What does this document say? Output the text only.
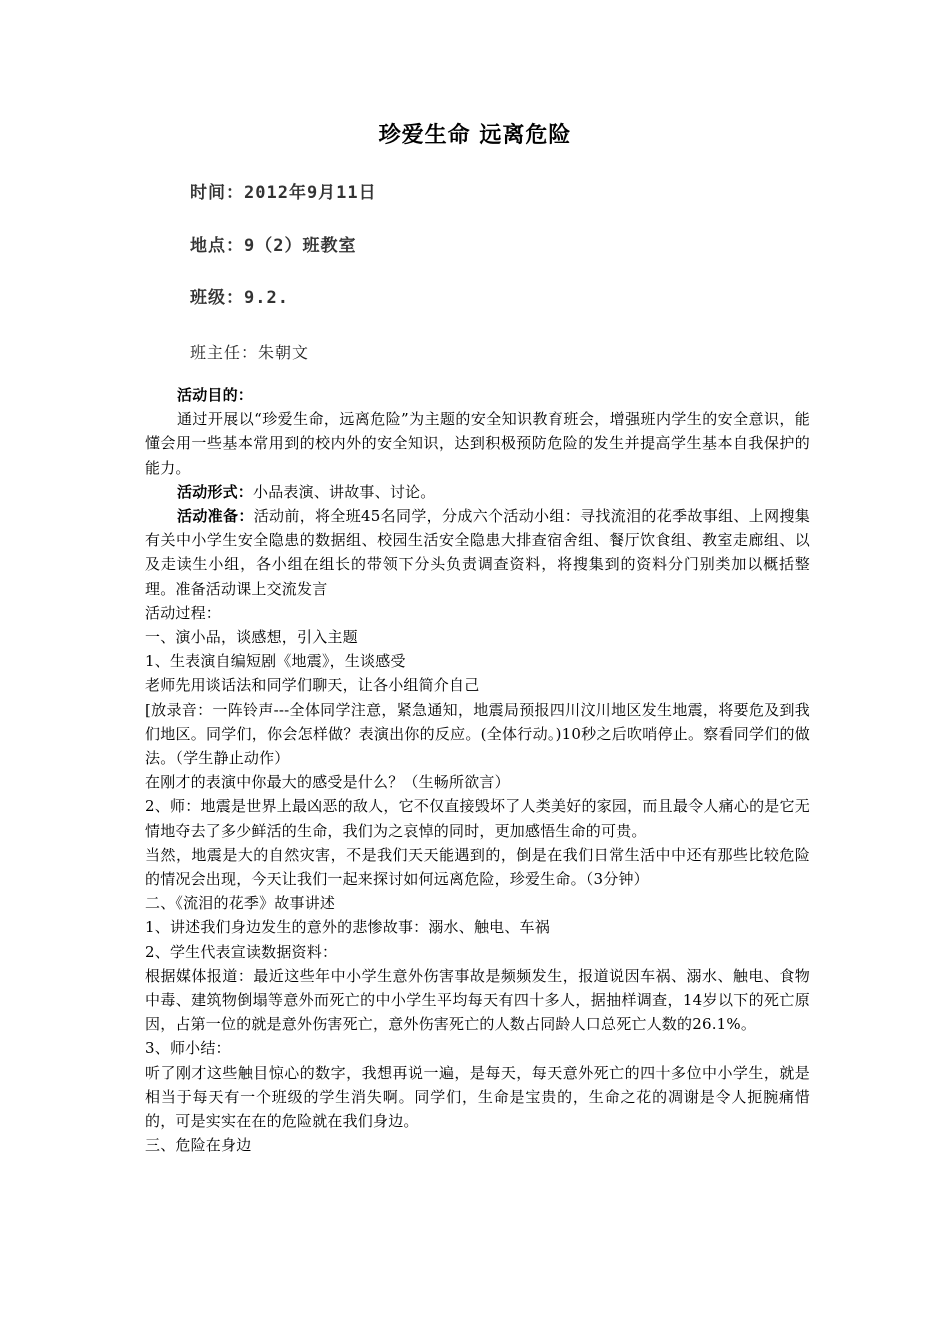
珍爱生命 远离危险
时间：2012年9月11日
地点：9（2）班教室
班级：9.2.
班主任：朱朝文

活动目的：

通过开展以“珍爱生命，远离危险”为主题的安全知识教育班会，增强班内学生的安全意识，能懂会用一些基本常用到的校内外的安全知识，达到积极预防危险的发生并提高学生基本自我保护的能力。

活动形式：小品表演、讲故事、讨论。

活动准备：活动前，将全班45名同学，分成六个活动小组：寻找流泪的花季故事组、上网搜集有关中小学生安全隐患的数据组、校园生活安全隐患大排查宿舍组、餐厅饮食组、教室走廊组、以及走读生小组，各小组在组长的带领下分头负责调查资料，将搜集到的资料分门别类加以概括整理。准备活动课上交流发言

活动过程：

一、演小品，谈感想，引入主题

1、生表演自编短剧《地震》，生谈感受

老师先用谈话法和同学们聊天，让各小组简介自己

[放录音：一阵铃声---全体同学注意，紧急通知，地震局预报四川汶川地区发生地震，将要危及到我们地区。同学们，你会怎样做？表演出你的反应。(全体行动。)10秒之后吹哨停止。察看同学们的做法。（学生静止动作）

在刚才的表演中你最大的感受是什么？（生畅所欲言）

2、师：地震是世界上最凶恶的敌人，它不仅直接毁坏了人类美好的家园，而且最令人痛心的是它无情地夺去了多少鲜活的生命，我们为之哀悼的同时，更加感悟生命的可贵。

当然，地震是大的自然灾害，不是我们天天能遇到的，倒是在我们日常生活中中还有那些比较危险的情况会出现，今天让我们一起来探讨如何远离危险，珍爱生命。（3分钟）

二、《流泪的花季》故事讲述

1、讲述我们身边发生的意外的悲惨故事：溺水、触电、车祸

2、学生代表宣读数据资料：

根据媒体报道：最近这些年中小学生意外伤害事故是频频发生，报道说因车祸、溺水、触电、食物中毒、建筑物倒塌等意外而死亡的中小学生平均每天有四十多人，据抽样调查，14岁以下的死亡原因，占第一位的就是意外伤害死亡，意外伤害死亡的人数占同龄人口总死亡人数的26.1%。

3、师小结：

听了刚才这些触目惊心的数字，我想再说一遍，是每天，每天意外死亡的四十多位中小学生，就是相当于每天有一个班级的学生消失啊。同学们，生命是宝贵的，生命之花的凋谢是令人扼腕痛惜的，可是实实在在的危险就在我们身边。

三、危险在身边
